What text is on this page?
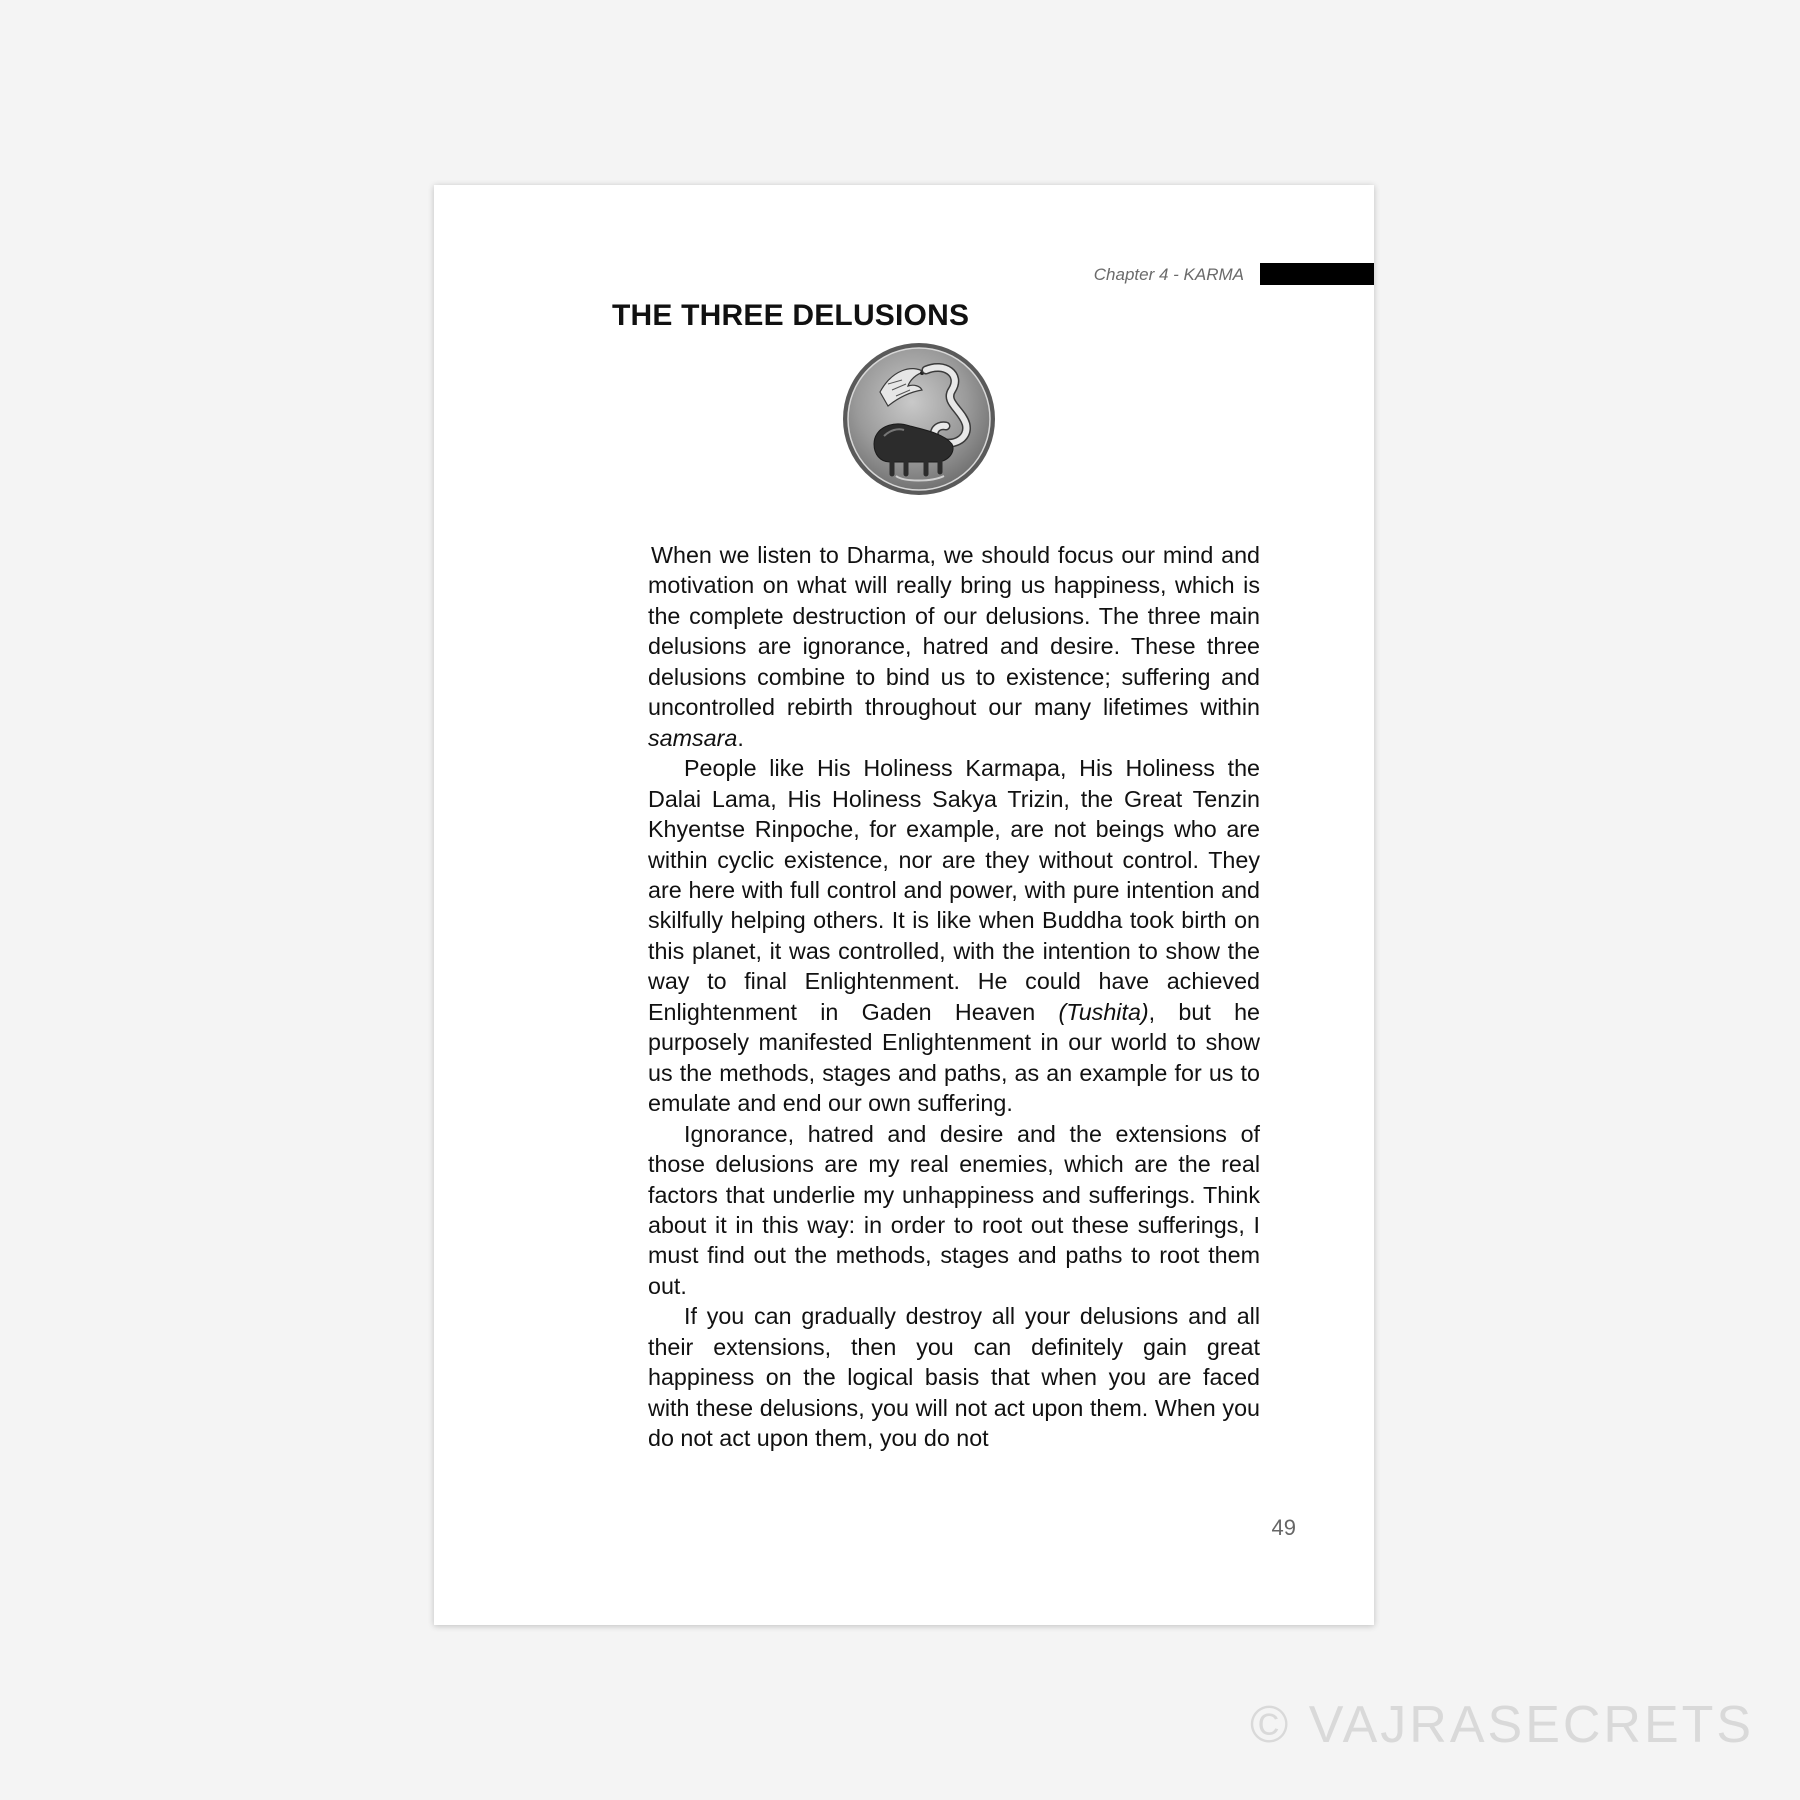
Chapter 4 - KARMA
THE THREE DELUSIONS

When we listen to Dharma, we should focus our mind and motivation on what will really bring us happiness, which is the complete destruction of our delusions. The three main delusions are ignorance, hatred and desire. These three delusions combine to bind us to existence; suffering and uncontrolled rebirth throughout our many lifetimes within samsara.

People like His Holiness Karmapa, His Holiness the Dalai Lama, His Holiness Sakya Trizin, the Great Tenzin Khyentse Rinpoche, for example, are not beings who are within cyclic existence, nor are they without control. They are here with full control and power, with pure intention and skilfully helping others. It is like when Buddha took birth on this planet, it was controlled, with the intention to show the way to final Enlightenment. He could have achieved Enlightenment in Gaden Heaven (Tushita), but he purposely manifested Enlightenment in our world to show us the methods, stages and paths, as an example for us to emulate and end our own suffering.

Ignorance, hatred and desire and the extensions of those delusions are my real enemies, which are the real factors that underlie my unhappiness and sufferings. Think about it in this way: in order to root out these sufferings, I must find out the methods, stages and paths to root them out.

If you can gradually destroy all your delusions and all their extensions, then you can definitely gain great happiness on the logical basis that when you are faced with these delusions, you will not act upon them. When you do not act upon them, you do not

49
© VAJRASECRETS
